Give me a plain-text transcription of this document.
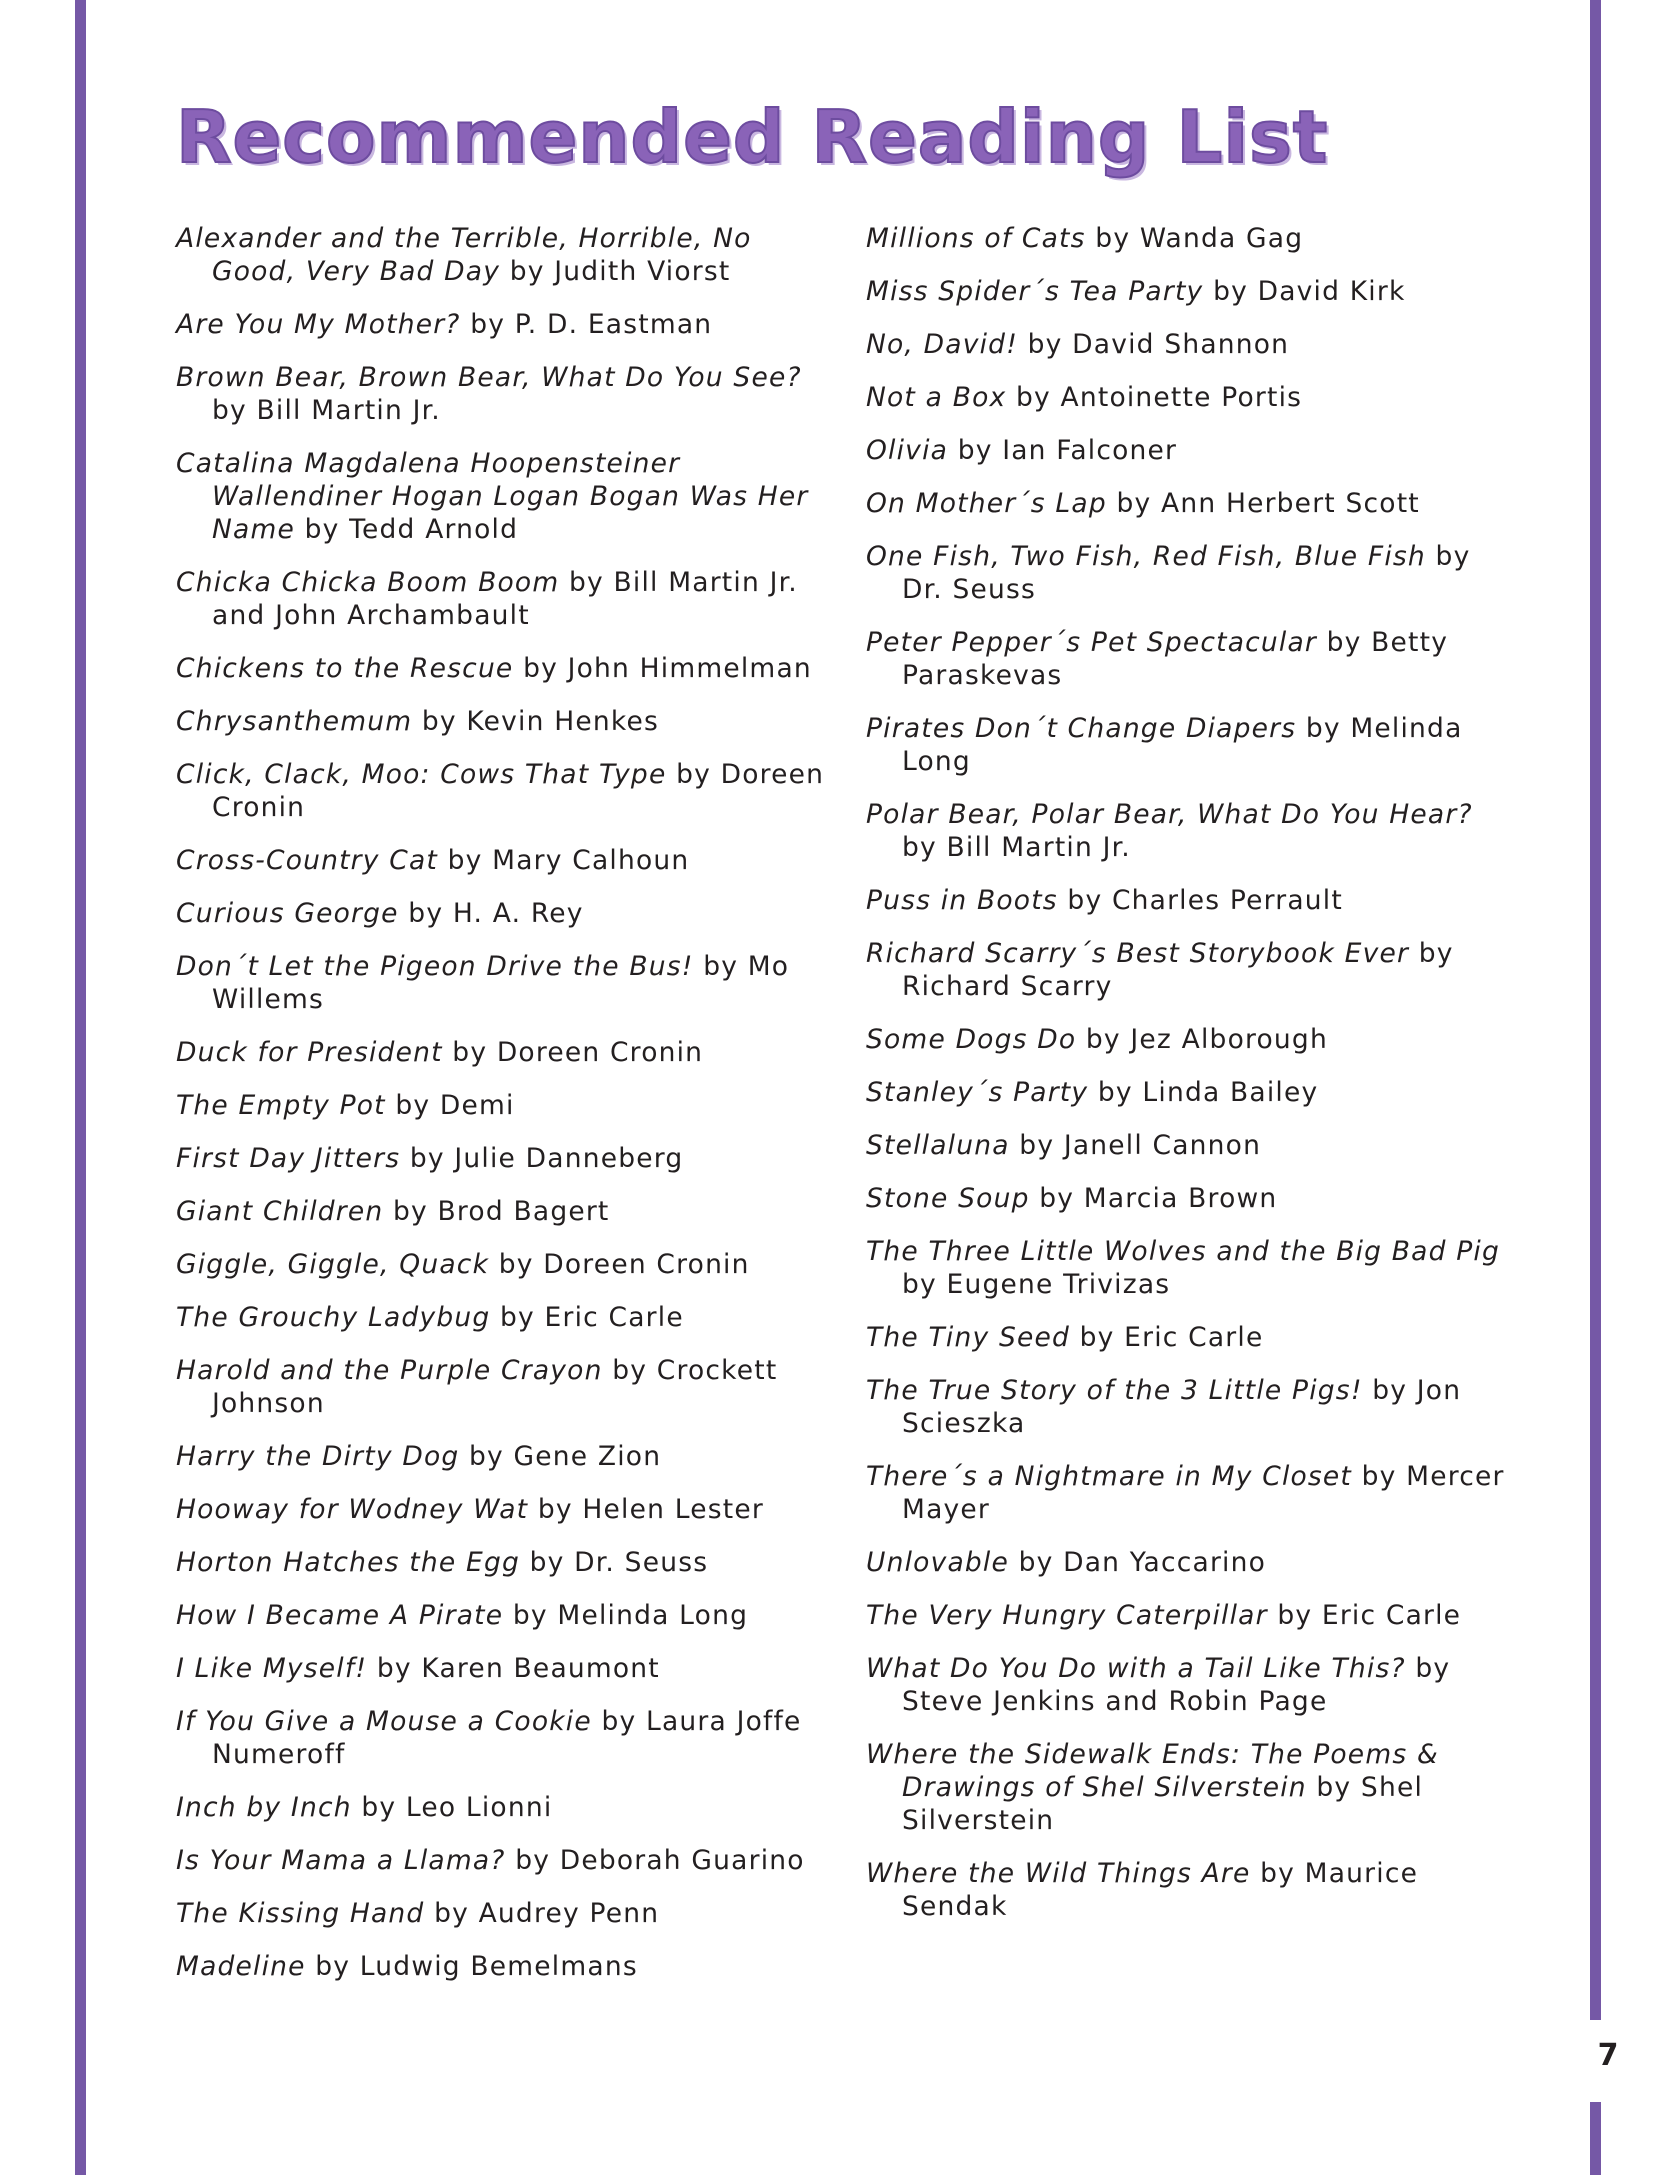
Recommended Reading List

Alexander and the Terrible, Horrible, No Good, Very Bad Day by Judith Viorst

Are You My Mother? by P. D. Eastman

Brown Bear, Brown Bear, What Do You See? by Bill Martin Jr.

Catalina Magdalena Hoopensteiner Wallendiner Hogan Logan Bogan Was Her Name by Tedd Arnold

Chicka Chicka Boom Boom by Bill Martin Jr. and John Archambault

Chickens to the Rescue by John Himmelman

Chrysanthemum by Kevin Henkes

Click, Clack, Moo: Cows That Type by Doreen Cronin

Cross-Country Cat by Mary Calhoun

Curious George by H. A. Rey

Don´t Let the Pigeon Drive the Bus! by Mo Willems

Duck for President by Doreen Cronin

The Empty Pot by Demi

First Day Jitters by Julie Danneberg

Giant Children by Brod Bagert

Giggle, Giggle, Quack by Doreen Cronin

The Grouchy Ladybug by Eric Carle

Harold and the Purple Crayon by Crockett Johnson

Harry the Dirty Dog by Gene Zion

Hooway for Wodney Wat by Helen Lester

Horton Hatches the Egg by Dr. Seuss

How I Became A Pirate by Melinda Long

I Like Myself! by Karen Beaumont

If You Give a Mouse a Cookie by Laura Joffe Numeroff

Inch by Inch by Leo Lionni

Is Your Mama a Llama? by Deborah Guarino

The Kissing Hand by Audrey Penn

Madeline by Ludwig Bemelmans

Millions of Cats by Wanda Gag

Miss Spider´s Tea Party by David Kirk

No, David! by David Shannon

Not a Box by Antoinette Portis

Olivia by Ian Falconer

On Mother´s Lap by Ann Herbert Scott

One Fish, Two Fish, Red Fish, Blue Fish by Dr. Seuss

Peter Pepper´s Pet Spectacular by Betty Paraskevas

Pirates Don´t Change Diapers by Melinda Long

Polar Bear, Polar Bear, What Do You Hear? by Bill Martin Jr.

Puss in Boots by Charles Perrault

Richard Scarry´s Best Storybook Ever by Richard Scarry

Some Dogs Do by Jez Alborough

Stanley´s Party by Linda Bailey

Stellaluna by Janell Cannon

Stone Soup by Marcia Brown

The Three Little Wolves and the Big Bad Pig by Eugene Trivizas

The Tiny Seed by Eric Carle

The True Story of the 3 Little Pigs! by Jon Scieszka

There´s a Nightmare in My Closet by Mercer Mayer

Unlovable by Dan Yaccarino

The Very Hungry Caterpillar by Eric Carle

What Do You Do with a Tail Like This? by Steve Jenkins and Robin Page

Where the Sidewalk Ends: The Poems & Drawings of Shel Silverstein by Shel Silverstein

Where the Wild Things Are by Maurice Sendak

7
